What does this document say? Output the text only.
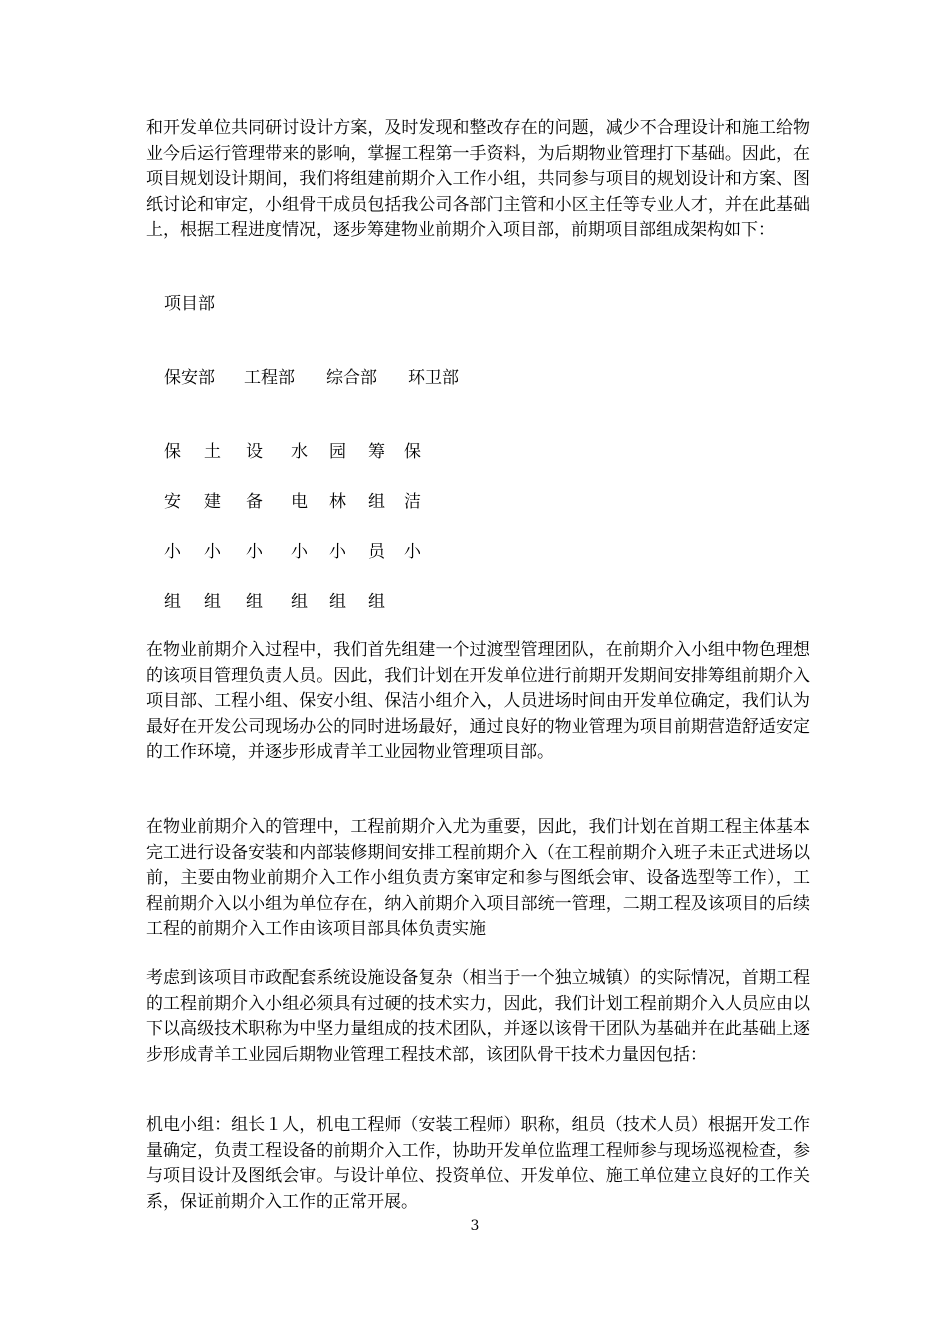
和开发单位共同研讨设计方案，及时发现和整改存在的问题，减少不合理设计和施工给物业今后运行管理带来的影响，掌握工程第一手资料，为后期物业管理打下基础。因此，在项目规划设计期间，我们将组建前期介入工作小组，共同参与项目的规划设计和方案、图纸讨论和审定，小组骨干成员包括我公司各部门主管和小区主任等专业人才，并在此基础上，根据工程进度情况，逐步筹建物业前期介入项目部，前期项目部组成架构如下：

项目部
保安部 工程部 综合部 环卫部
保 土 设 水 园 筹 保
安 建 备 电 林 组 洁
小 小 小 小 小 员 小
组 组 组 组 组 组

在物业前期介入过程中，我们首先组建一个过渡型管理团队，在前期介入小组中物色理想的该项目管理负责人员。因此，我们计划在开发单位进行前期开发期间安排筹组前期介入项目部、工程小组、保安小组、保洁小组介入，人员进场时间由开发单位确定，我们认为最好在开发公司现场办公的同时进场最好，通过良好的物业管理为项目前期营造舒适安定的工作环境，并逐步形成青羊工业园物业管理项目部。

在物业前期介入的管理中，工程前期介入尤为重要，因此，我们计划在首期工程主体基本完工进行设备安装和内部装修期间安排工程前期介入（在工程前期介入班子未正式进场以前，主要由物业前期介入工作小组负责方案审定和参与图纸会审、设备选型等工作），工程前期介入以小组为单位存在，纳入前期介入项目部统一管理，二期工程及该项目的后续工程的前期介入工作由该项目部具体负责实施

考虑到该项目市政配套系统设施设备复杂（相当于一个独立城镇）的实际情况，首期工程的工程前期介入小组必须具有过硬的技术实力，因此，我们计划工程前期介入人员应由以下以高级技术职称为中坚力量组成的技术团队，并逐以该骨干团队为基础并在此基础上逐步形成青羊工业园后期物业管理工程技术部，该团队骨干技术力量因包括：

机电小组：组长１人，机电工程师（安装工程师）职称，组员（技术人员）根据开发工作量确定，负责工程设备的前期介入工作，协助开发单位监理工程师参与现场巡视检查，参与项目设计及图纸会审。与设计单位、投资单位、开发单位、施工单位建立良好的工作关系，保证前期介入工作的正常开展。

3
